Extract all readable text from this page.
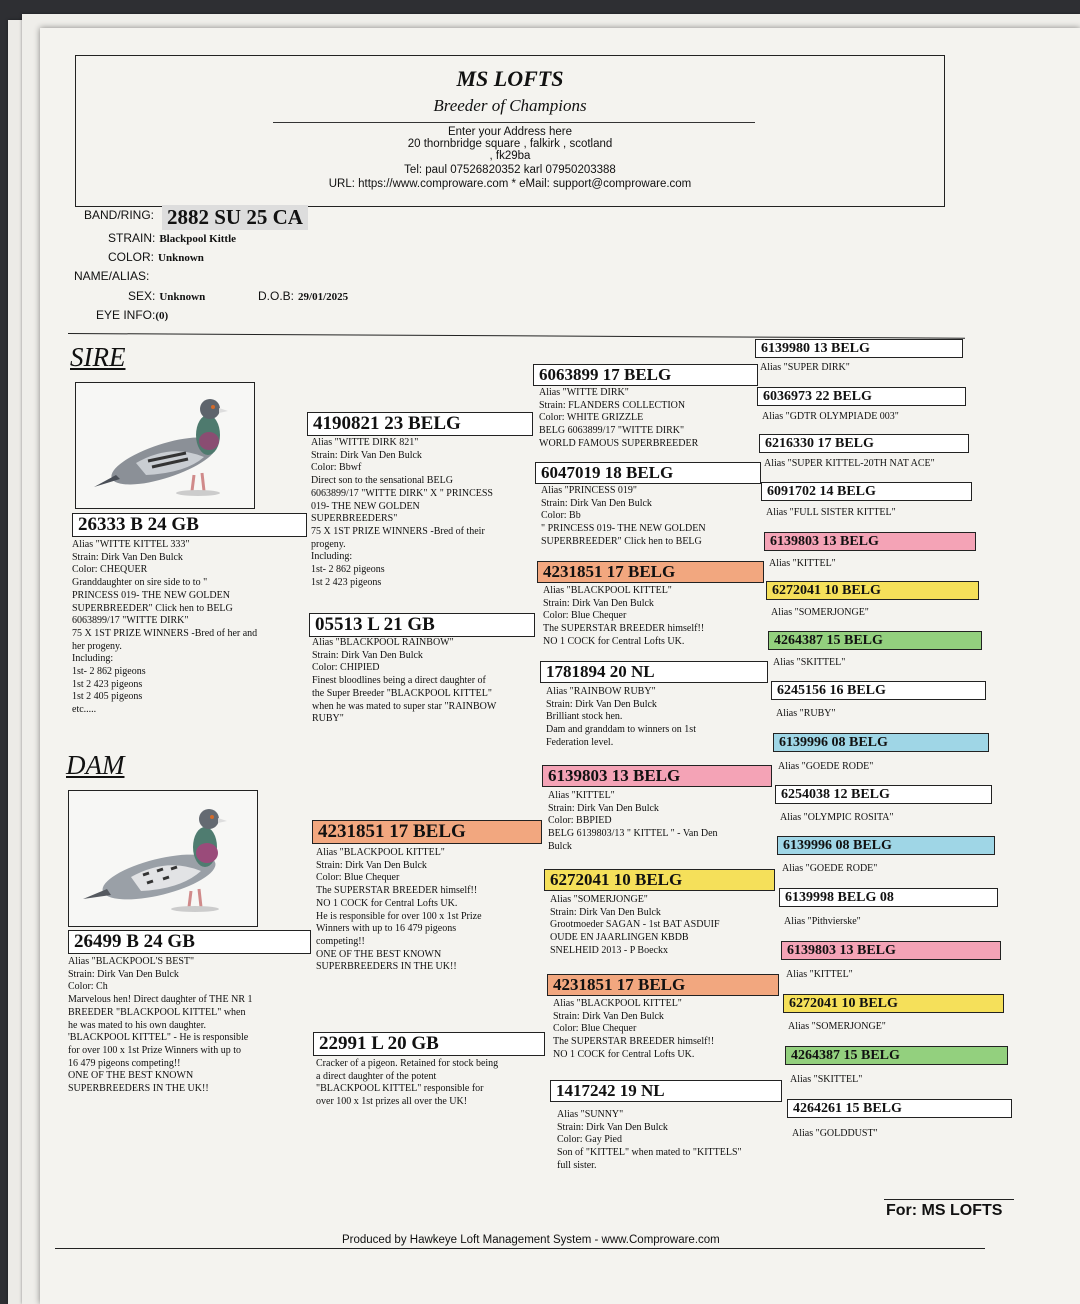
MS LOFTS
Breeder of Champions
Enter your Address here
20 thornbridge square , falkirk , scotland
, fk29ba
Tel: paul 07526820352 karl 07950203388
URL: https://www.comproware.com * eMail: support@comproware.com
BAND/RING: 2882 SU 25 CA
STRAIN: Blackpool Kittle
COLOR: Unknown
NAME/ALIAS:
SEX: Unknown	D.O.B: 29/01/2025
EYE INFO:(0)
SIRE
DAM
26333 B 24 GB
Alias "WITTE KITTEL 333"
Strain: Dirk Van Den Bulck
Color: CHEQUER
Granddaughter on sire side to to "
PRINCESS 019- THE NEW GOLDEN
SUPERBREEDER" Click hen to BELG
6063899/17 "WITTE DIRK"
75 X 1ST PRIZE WINNERS -Bred of her and
her progeny.
Including:
1st- 2 862 pigeons
1st 2 423 pigeons
1st 2 405 pigeons
etc.....
26499 B 24 GB
Alias "BLACKPOOL'S BEST"
Strain: Dirk Van Den Bulck
Color: Ch
Marvelous hen! Direct daughter of THE NR 1
BREEDER "BLACKPOOL KITTEL" when
he was mated to his own daughter.
'BLACKPOOL KITTEL" - He is responsible
for over 100 x 1st Prize Winners with up to
16 479 pigeons competing!!
ONE OF THE BEST KNOWN
SUPERBREEDERS IN THE UK!!
4190821 23 BELG
Alias "WITTE DIRK 821"
Strain: Dirk Van Den Bulck
Color: Bbwf
Direct son to the sensational BELG
6063899/17 "WITTE DIRK" X " PRINCESS
019- THE NEW GOLDEN
SUPERBREEDERS"
75 X 1ST PRIZE WINNERS -Bred of their
progeny.
Including:
1st- 2 862 pigeons
1st 2 423 pigeons
05513 L 21 GB
Alias "BLACKPOOL RAINBOW"
Strain: Dirk Van Den Bulck
Color: CHIPIED
Finest bloodlines being a direct daughter of
the Super Breeder "BLACKPOOL KITTEL"
when he was mated to super star "RAINBOW
RUBY"
4231851 17 BELG
Alias "BLACKPOOL KITTEL"
Strain: Dirk Van Den Bulck
Color: Blue Chequer
The SUPERSTAR BREEDER himself!!
NO 1 COCK for Central Lofts UK.
He is responsible for over 100 x 1st Prize
Winners with up to 16 479 pigeons
competing!!
ONE OF THE BEST KNOWN
SUPERBREEDERS IN THE UK!!
22991 L 20 GB
Cracker of a pigeon. Retained for stock being
a direct daughter of the potent
"BLACKPOOL KITTEL" responsible for
over 100 x 1st prizes all over the UK!
6063899 17 BELG
Alias "WITTE DIRK"
Strain: FLANDERS COLLECTION
Color: WHITE GRIZZLE
BELG 6063899/17 "WITTE DIRK"
WORLD FAMOUS SUPERBREEDER
6047019 18 BELG
Alias "PRINCESS 019"
Strain: Dirk Van Den Bulck
Color: Bb
" PRINCESS 019- THE NEW GOLDEN
SUPERBREEDER" Click hen to BELG
4231851 17 BELG
Alias "BLACKPOOL KITTEL"
Strain: Dirk Van Den Bulck
Color: Blue Chequer
The SUPERSTAR BREEDER himself!!
NO 1 COCK for Central Lofts UK.
1781894 20 NL
Alias "RAINBOW RUBY"
Strain: Dirk Van Den Bulck
Brilliant stock hen.
Dam and granddam to winners on 1st
Federation level.
6139803 13 BELG
Alias "KITTEL"
Strain: Dirk Van Den Bulck
Color: BBPIED
BELG 6139803/13 " KITTEL " - Van Den
Bulck
6272041 10 BELG
Alias "SOMERJONGE"
Strain: Dirk Van Den Bulck
Grootmoeder SAGAN - 1st BAT ASDUIF
OUDE EN JAARLINGEN KBDB
SNELHEID 2013 - P Boeckx
4231851 17 BELG
Alias "BLACKPOOL KITTEL"
Strain: Dirk Van Den Bulck
Color: Blue Chequer
The SUPERSTAR BREEDER himself!!
NO 1 COCK for Central Lofts UK.
1417242 19 NL
Alias "SUNNY"
Strain: Dirk Van Den Bulck
Color: Gay Pied
Son of "KITTEL" when mated to "KITTELS"
full sister.
6139980 13 BELG
Alias "SUPER DIRK"
6036973 22 BELG
Alias "GDTR OLYMPIADE 003"
6216330 17 BELG
Alias "SUPER KITTEL-20TH NAT ACE"
6091702 14 BELG
Alias "FULL SISTER KITTEL"
6139803 13 BELG
Alias "KITTEL"
6272041 10 BELG
Alias "SOMERJONGE"
4264387 15 BELG
Alias "SKITTEL"
6245156 16 BELG
Alias "RUBY"
6139996 08 BELG
Alias "GOEDE RODE"
6254038 12 BELG
Alias "OLYMPIC ROSITA"
6139996 08 BELG
Alias "GOEDE RODE"
6139998 BELG 08
Alias "Pithvierske"
6139803 13 BELG
Alias "KITTEL"
6272041 10 BELG
Alias "SOMERJONGE"
4264387 15 BELG
Alias "SKITTEL"
4264261 15 BELG
Alias "GOLDDUST"
For: MS LOFTS
Produced by Hawkeye Loft Management System - www.Comproware.com
